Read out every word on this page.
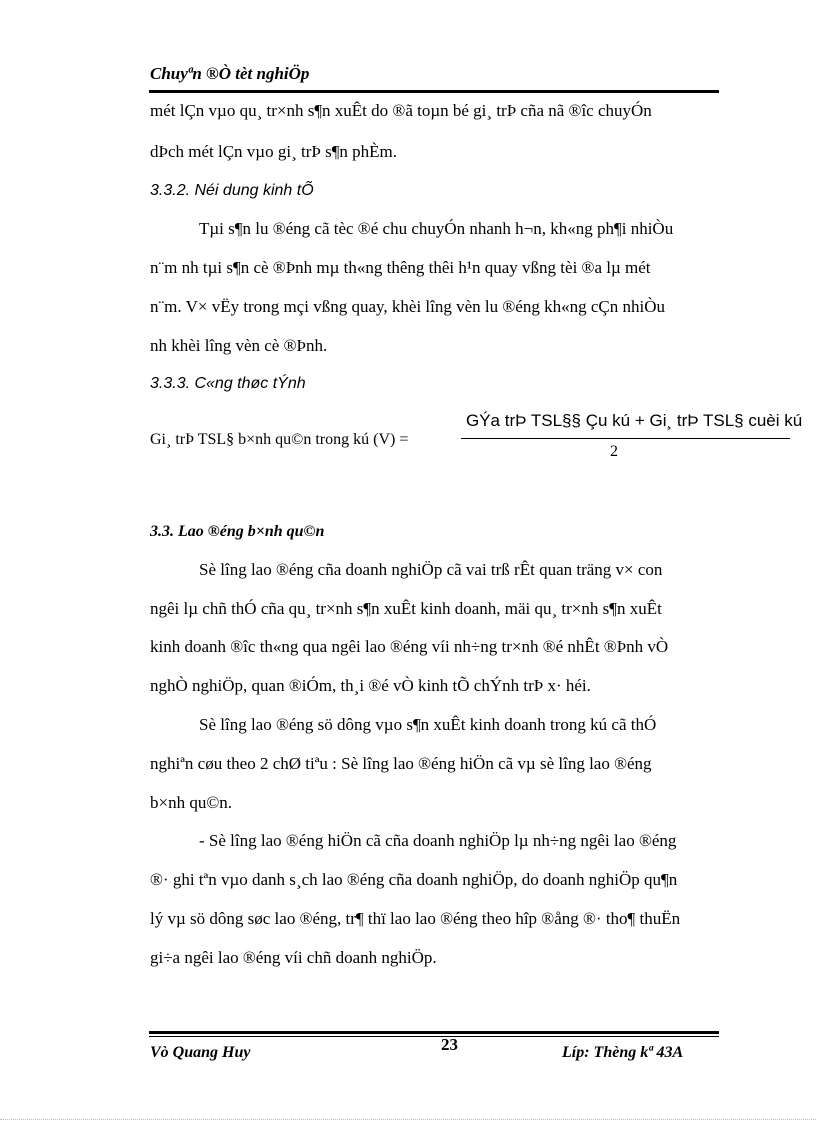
Chuyªn ®Ò tèt nghiÖp
mét lÇn vµo qu¸ tr×nh s¶n xuÊt do ®ã toµn bé gi¸ trÞ cña nã ®îc chuyÓn
dÞch mét lÇn vµo gi¸ trÞ s¶n phÈm.
3.3.2. Néi dung kinh tÕ
Tµi s¶n lu ®éng cã tèc ®é chu chuyÓn nhanh h¬n, kh«ng ph¶i nhiÒu
n¨m nh tµi s¶n cè ®Þnh mµ th«ng thêng thêi h¹n quay vßng tèi ®a lµ mét
n¨m. V× vËy trong mçi vßng quay, khèi lîng vèn lu ®éng kh«ng cÇn nhiÒu
nh khèi lîng vèn cè ®Þnh.
3.3.3. C«ng thøc tÝnh
Gi¸ trÞ TSL§ b×nh qu©n trong kú (V) =
GÝa trÞ TSL§§ Çu kú + Gi¸ trÞ TSL§ cuèi kú
2
3.3. Lao ®éng b×nh qu©n
Sè lîng lao ®éng cña doanh nghiÖp cã vai trß rÊt quan träng v× con
ngêi lµ chñ thÓ cña qu¸ tr×nh s¶n xuÊt kinh doanh, mäi qu¸ tr×nh s¶n xuÊt
kinh doanh ®îc th«ng qua ngêi lao ®éng víi nh÷ng tr×nh ®é nhÊt ®Þnh vÒ
nghÒ nghiÖp, quan ®iÓm, th¸i ®é vÒ kinh tÕ chÝnh trÞ x· héi.
Sè lîng lao ®éng sö dông vµo s¶n xuÊt kinh doanh trong kú cã thÓ
nghiªn cøu theo 2 chØ tiªu : Sè lîng lao ®éng hiÖn cã vµ sè lîng lao ®éng
b×nh qu©n.
- Sè lîng lao ®éng hiÖn cã cña doanh nghiÖp lµ nh÷ng ngêi lao ®éng
®· ghi tªn vµo danh s¸ch lao ®éng cña doanh nghiÖp, do doanh nghiÖp qu¶n
lý vµ sö dông søc lao ®éng, tr¶ thï lao lao ®éng theo hîp ®ång ®· tho¶ thuËn
gi÷a ngêi lao ®éng víi chñ doanh nghiÖp.
Vò Quang Huy	23	Líp: Thèng kª 43A
